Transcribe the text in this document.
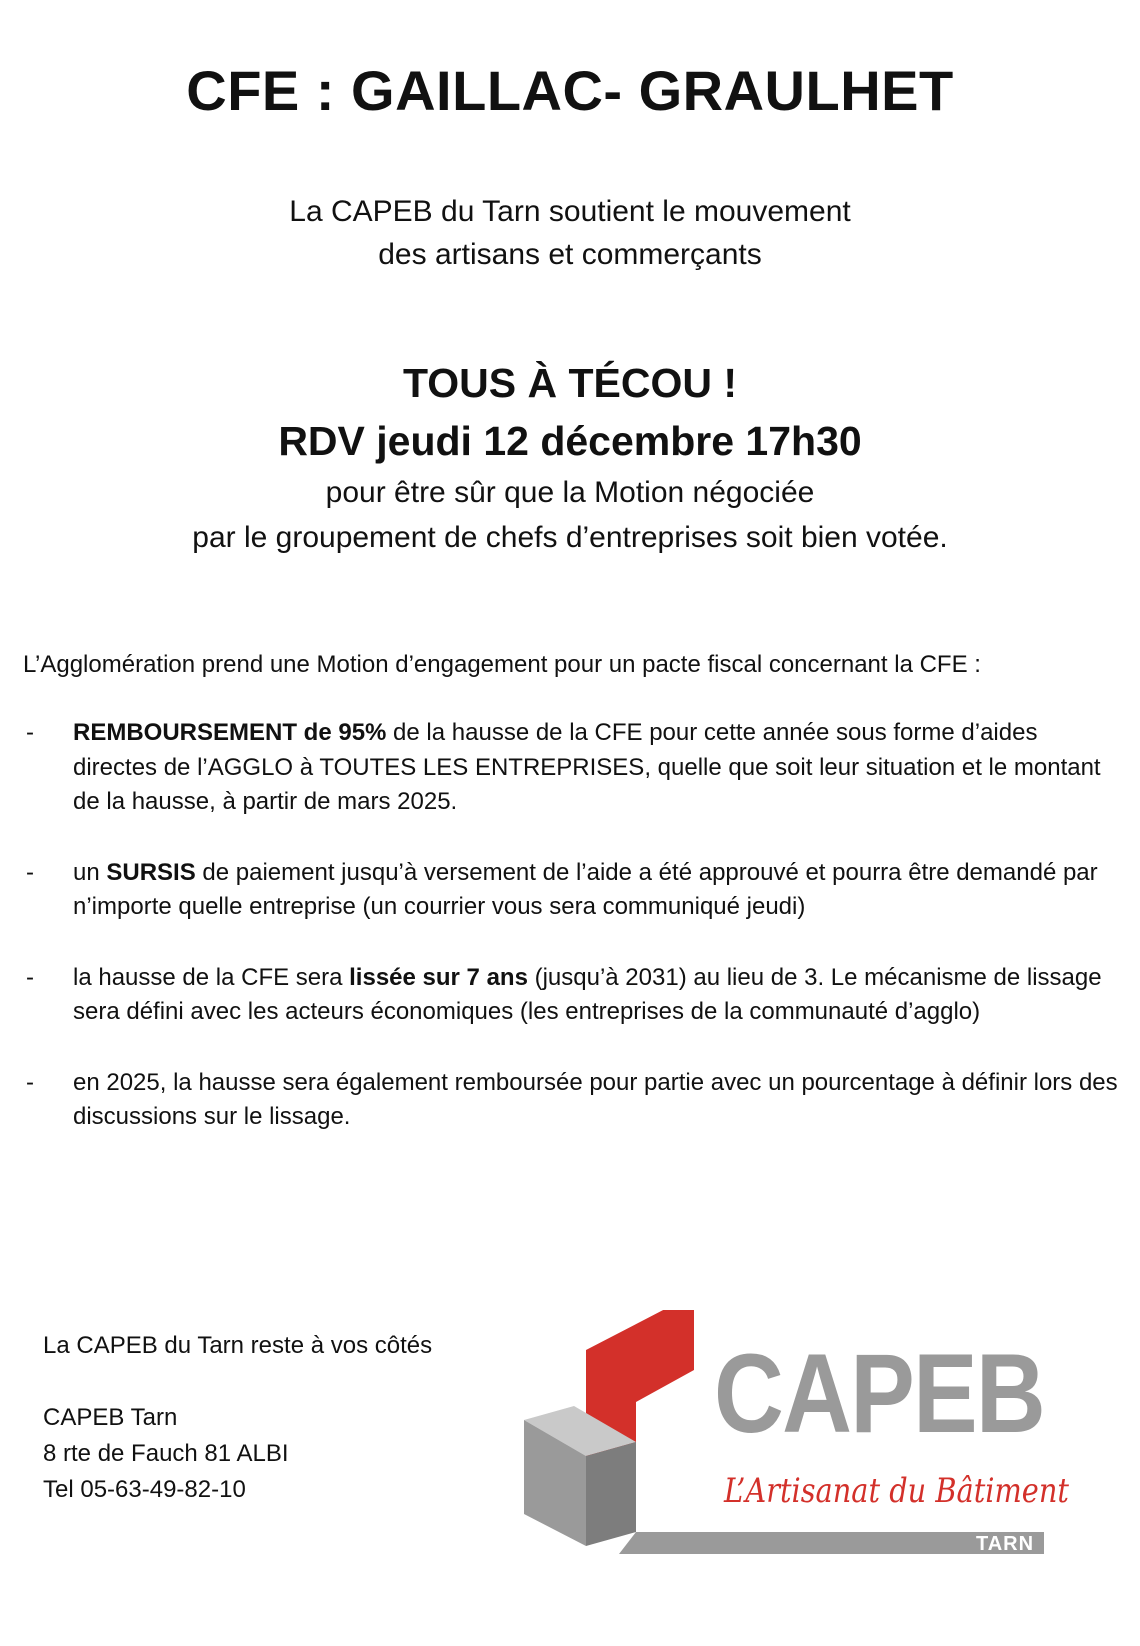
CFE : GAILLAC- GRAULHET
La CAPEB du Tarn soutient le mouvement
des artisans et commerçants
TOUS À TÉCOU !
RDV jeudi 12 décembre 17h30
pour être sûr que la Motion négociée
par le groupement de chefs d’entreprises soit bien votée.
L’Agglomération prend une Motion d’engagement pour un pacte fiscal concernant la CFE :
- REMBOURSEMENT de 95% de la hausse de la CFE pour cette année sous forme d’aides directes de l’AGGLO à TOUTES LES ENTREPRISES, quelle que soit leur situation et le montant de la hausse, à partir de mars 2025.
- un SURSIS de paiement jusqu’à versement de l’aide a été approuvé et pourra être demandé par n’importe quelle entreprise (un courrier vous sera communiqué jeudi)
- la hausse de la CFE sera lissée sur 7 ans (jusqu’à 2031) au lieu de 3. Le mécanisme de lissage sera défini avec les acteurs économiques (les entreprises de la communauté d’agglo)
- en 2025, la hausse sera également remboursée pour partie avec un pourcentage à définir lors des discussions sur le lissage.
La CAPEB du Tarn reste à vos côtés
CAPEB Tarn
8 rte de Fauch 81 ALBI
Tel 05-63-49-82-10
CAPEB
L’Artisanat du Bâtiment
TARN
